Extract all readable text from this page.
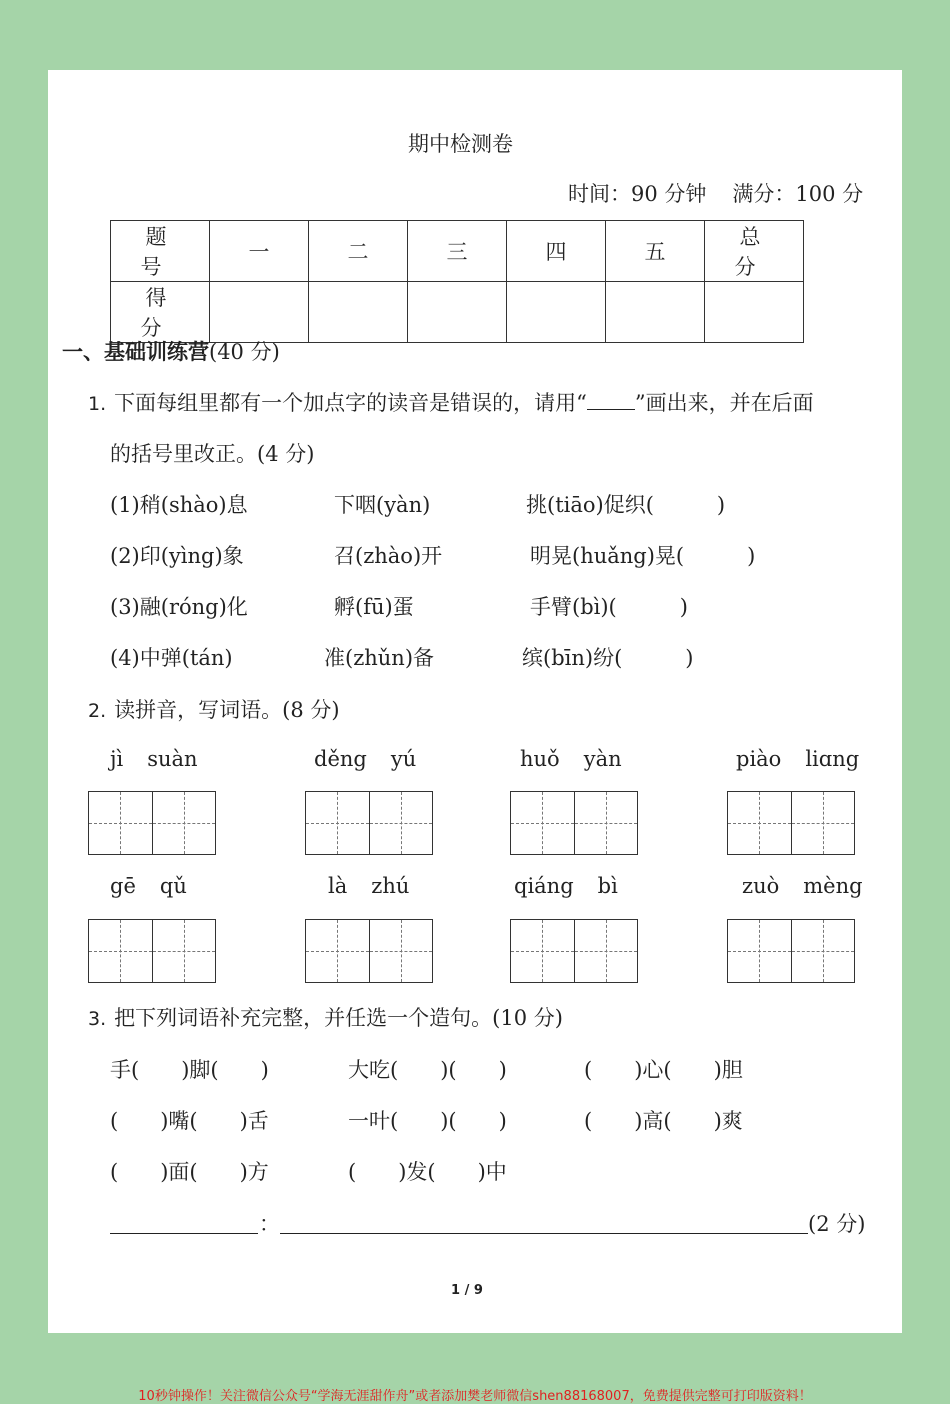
期中检测卷
时间：90 分钟 满分：100 分
题 号	一	二	三	四	五	总 分
得 分						
一、基础训练营(40 分)
1. 下面每组里都有一个加点字的读音是错误的，请用“ ”画出来，并在后面
的括号里改正。(4 分)
(1)稍(shào)息	下咽(yàn)	挑(tiāo)促织(　　　)
(2)印(yìng)象	召(zhào)开	明晃(huǎng)晃(　　　)
(3)融(róng)化	孵(fū)蛋	手臂(bì)(　　　)
(4)中弹(tán)	准(zhǔn)备	缤(bīn)纷(　　　)
2. 读拼音，写词语。(8 分)
jì suàn	děng yú	huǒ yàn	piào liɑng
gē qǔ	là zhú	qiáng bì	zuò mèng
3. 把下列词语补充完整，并任选一个造句。(10 分)
手(　　)脚(　　)	大吃(　　)(　　)	(　　)心(　　)胆
(　　)嘴(　　)舌	一叶(　　)(　　)	(　　)高(　　)爽
(　　)面(　　)方	(　　)发(　　)中
：	(2 分)
1 / 9
10秒钟操作！关注微信公众号“学海无涯甜作舟”或者添加樊老师微信shen88168007，免费提供完整可打印版资料！
